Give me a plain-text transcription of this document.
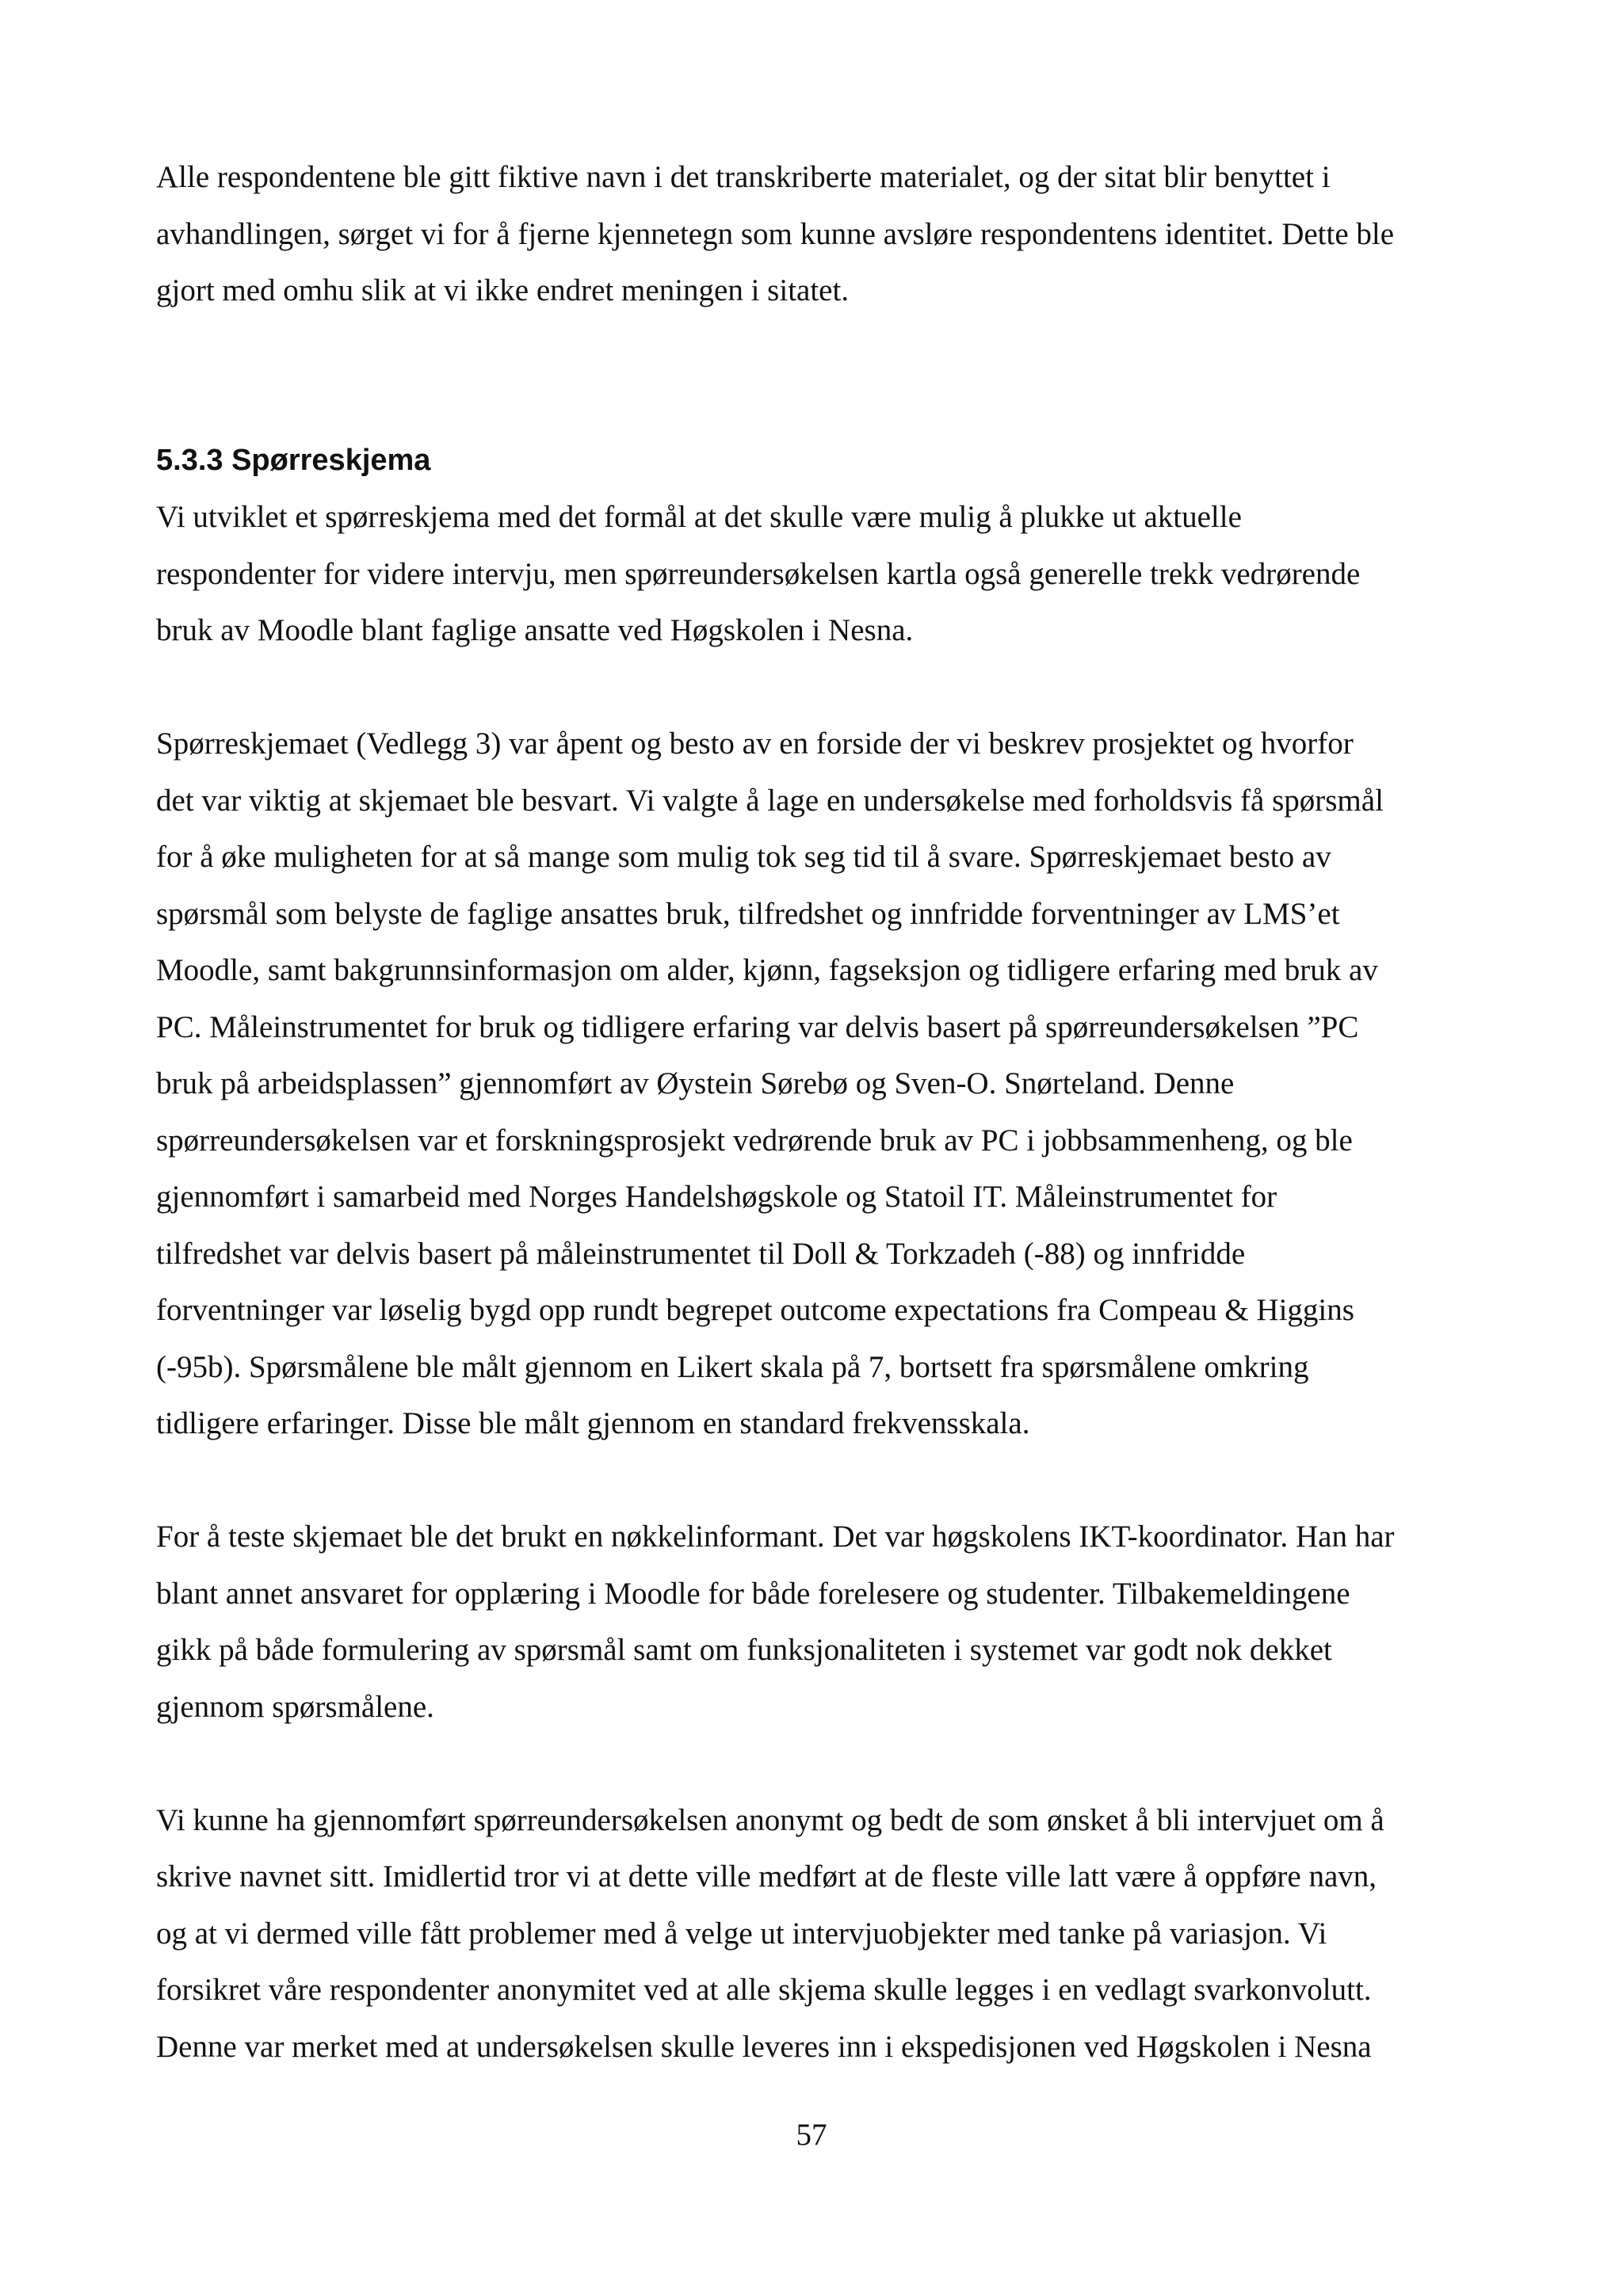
Alle respondentene ble gitt fiktive navn i det transkriberte materialet, og der sitat blir benyttet i
avhandlingen, sørget vi for å fjerne kjennetegn som kunne avsløre respondentens identitet. Dette ble
gjort med omhu slik at vi ikke endret meningen i sitatet.

5.3.3 Spørreskjema

Vi utviklet et spørreskjema med det formål at det skulle være mulig å plukke ut aktuelle
respondenter for videre intervju, men spørreundersøkelsen kartla også generelle trekk vedrørende
bruk av Moodle blant faglige ansatte ved Høgskolen i Nesna.

Spørreskjemaet (Vedlegg 3) var åpent og besto av en forside der vi beskrev prosjektet og hvorfor
det var viktig at skjemaet ble besvart. Vi valgte å lage en undersøkelse med forholdsvis få spørsmål
for å øke muligheten for at så mange som mulig tok seg tid til å svare. Spørreskjemaet besto av
spørsmål som belyste de faglige ansattes bruk, tilfredshet og innfridde forventninger av LMS’et
Moodle, samt bakgrunnsinformasjon om alder, kjønn, fagseksjon og tidligere erfaring med bruk av
PC. Måleinstrumentet for bruk og tidligere erfaring var delvis basert på spørreundersøkelsen ”PC
bruk på arbeidsplassen” gjennomført av Øystein Sørebø og Sven-O. Snørteland. Denne
spørreundersøkelsen var et forskningsprosjekt vedrørende bruk av PC i jobbsammenheng, og ble
gjennomført i samarbeid med Norges Handelshøgskole og Statoil IT. Måleinstrumentet for
tilfredshet var delvis basert på måleinstrumentet til Doll & Torkzadeh (-88) og innfridde
forventninger var løselig bygd opp rundt begrepet outcome expectations fra Compeau & Higgins
(-95b). Spørsmålene ble målt gjennom en Likert skala på 7, bortsett fra spørsmålene omkring
tidligere erfaringer. Disse ble målt gjennom en standard frekvensskala.

For å teste skjemaet ble det brukt en nøkkelinformant. Det var høgskolens IKT-koordinator. Han har
blant annet ansvaret for opplæring i Moodle for både forelesere og studenter. Tilbakemeldingene
gikk på både formulering av spørsmål samt om funksjonaliteten i systemet var godt nok dekket
gjennom spørsmålene.

Vi kunne ha gjennomført spørreundersøkelsen anonymt og bedt de som ønsket å bli intervjuet om å
skrive navnet sitt. Imidlertid tror vi at dette ville medført at de fleste ville latt være å oppføre navn,
og at vi dermed ville fått problemer med å velge ut intervjuobjekter med tanke på variasjon. Vi
forsikret våre respondenter anonymitet ved at alle skjema skulle legges i en vedlagt svarkonvolutt.
Denne var merket med at undersøkelsen skulle leveres inn i ekspedisjonen ved Høgskolen i Nesna

57
